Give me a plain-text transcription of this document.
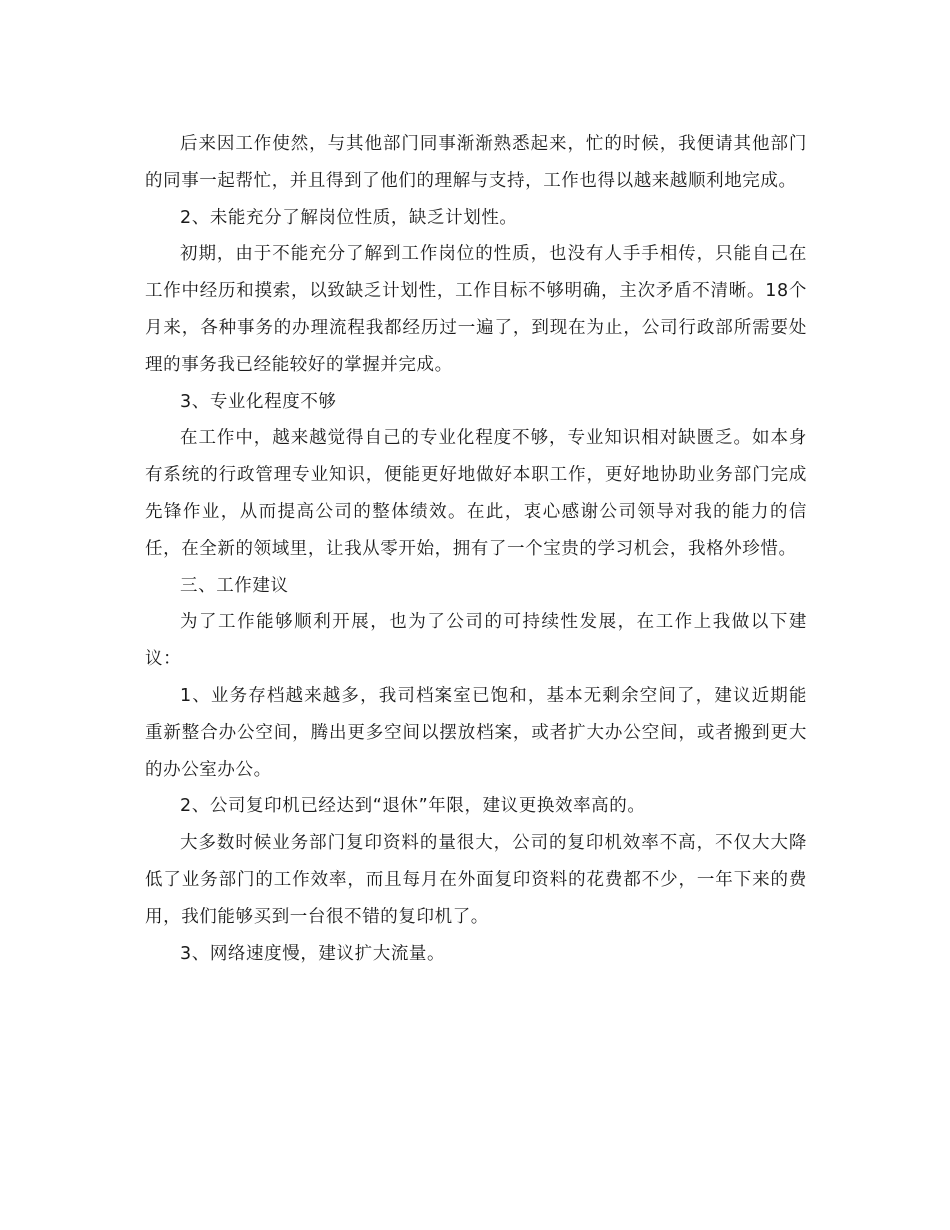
后来因工作使然，与其他部门同事渐渐熟悉起来，忙的时候，我便请其他部门的同事一起帮忙，并且得到了他们的理解与支持，工作也得以越来越顺利地完成。

2、未能充分了解岗位性质，缺乏计划性。

初期，由于不能充分了解到工作岗位的性质，也没有人手手相传，只能自己在工作中经历和摸索，以致缺乏计划性，工作目标不够明确，主次矛盾不清晰。18个月来，各种事务的办理流程我都经历过一遍了，到现在为止，公司行政部所需要处理的事务我已经能较好的掌握并完成。

3、专业化程度不够

在工作中，越来越觉得自己的专业化程度不够，专业知识相对缺匮乏。如本身有系统的行政管理专业知识，便能更好地做好本职工作，更好地协助业务部门完成先锋作业，从而提高公司的整体绩效。在此，衷心感谢公司领导对我的能力的信任，在全新的领域里，让我从零开始，拥有了一个宝贵的学习机会，我格外珍惜。

三、工作建议

为了工作能够顺利开展，也为了公司的可持续性发展，在工作上我做以下建议：

1、业务存档越来越多，我司档案室已饱和，基本无剩余空间了，建议近期能重新整合办公空间，腾出更多空间以摆放档案，或者扩大办公空间，或者搬到更大的办公室办公。

2、公司复印机已经达到“退休”年限，建议更换效率高的。

大多数时候业务部门复印资料的量很大，公司的复印机效率不高，不仅大大降低了业务部门的工作效率，而且每月在外面复印资料的花费都不少，一年下来的费用，我们能够买到一台很不错的复印机了。

3、网络速度慢，建议扩大流量。
